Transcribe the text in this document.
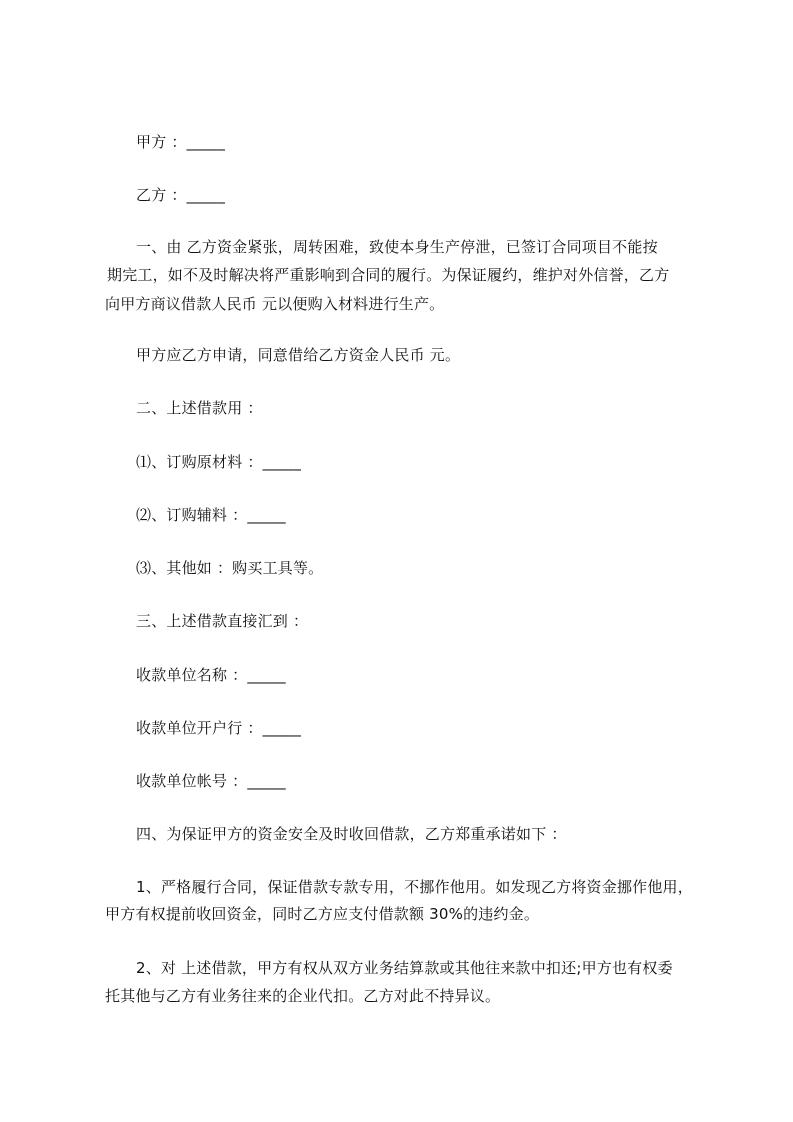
甲方 ：_____
乙方 ：_____
一、由 乙方资金紧张，周转困难，致使本身生产停泄，已签订合同项目不能按
期完工，如不及时解决将严重影响到合同的履行。为保证履约，维护对外信誉，乙方
向甲方商议借款人民币 元以便购入材料进行生产。
甲方应乙方申请，同意借给乙方资金人民币 元。
二、上述借款用 ：
⑴、订购原材料 ：_____
⑵、订购辅料 ：_____
⑶、其他如 ：购买工具等。
三、上述借款直接汇到 ：
收款单位名称 ：_____
收款单位开户行 ：_____
收款单位帐号 ：_____
四、为保证甲方的资金安全及时收回借款，乙方郑重承诺如下 ：
1、严格履行合同，保证借款专款专用，不挪作他用。如发现乙方将资金挪作他用，
甲方有权提前收回资金，同时乙方应支付借款额 30%的违约金。
2、对 上述借款，甲方有权从双方业务结算款或其他往来款中扣还;甲方也有权委
托其他与乙方有业务往来的企业代扣。乙方对此不持异议。
